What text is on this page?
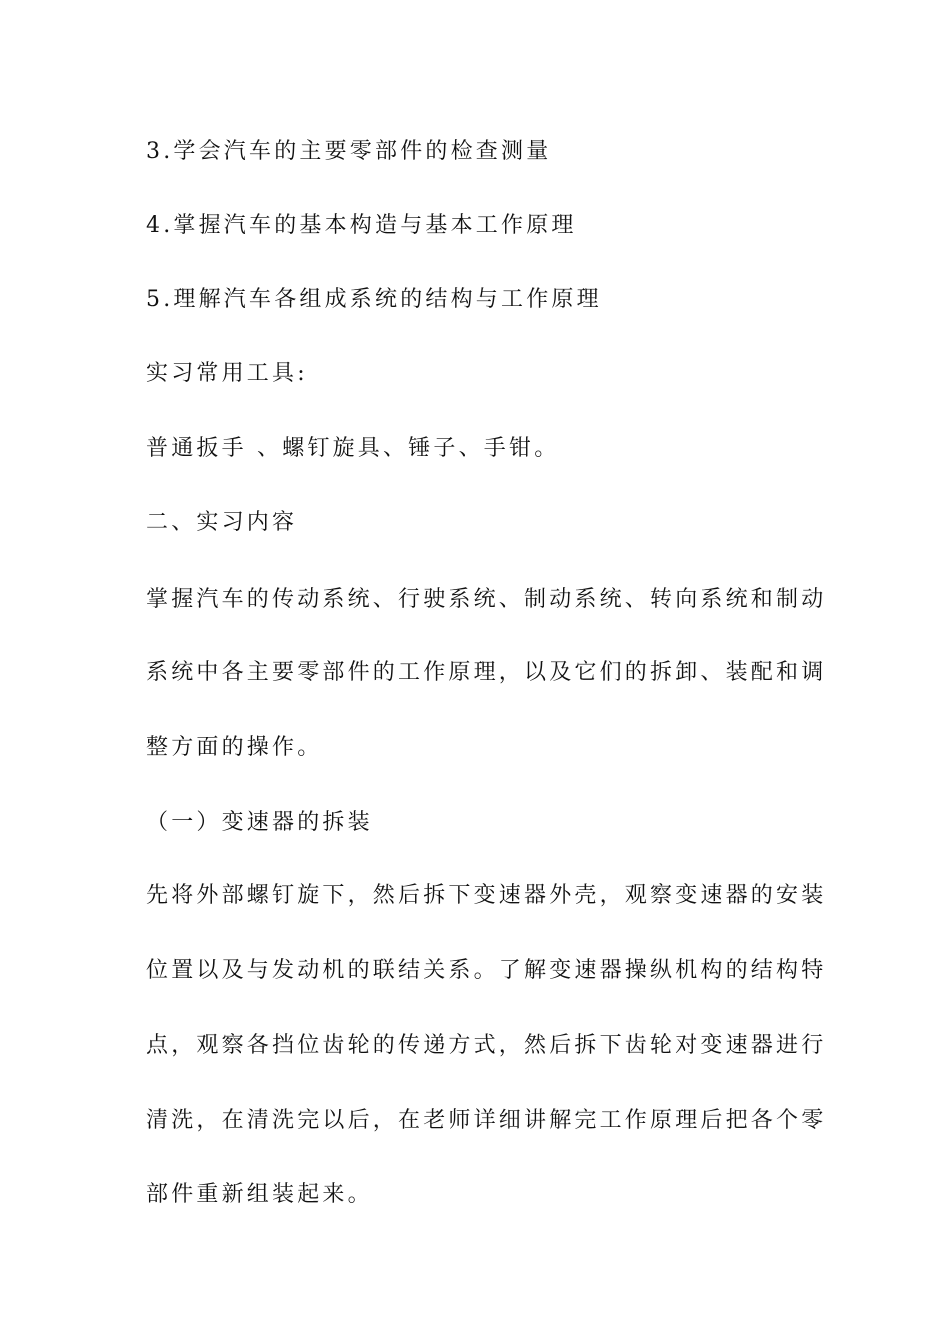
3.学会汽车的主要零部件的检查测量
4.掌握汽车的基本构造与基本工作原理
5.理解汽车各组成系统的结构与工作原理
实习常用工具:
普通扳手 、螺钉旋具、锤子、手钳。
二、实习内容
掌握汽车的传动系统、行驶系统、制动系统、转向系统和制动
系统中各主要零部件的工作原理，以及它们的拆卸、装配和调
整方面的操作。
（一）变速器的拆装
先将外部螺钉旋下，然后拆下变速器外壳，观察变速器的安装
位置以及与发动机的联结关系。了解变速器操纵机构的结构特
点，观察各挡位齿轮的传递方式，然后拆下齿轮对变速器进行
清洗，在清洗完以后，在老师详细讲解完工作原理后把各个零
部件重新组装起来。
